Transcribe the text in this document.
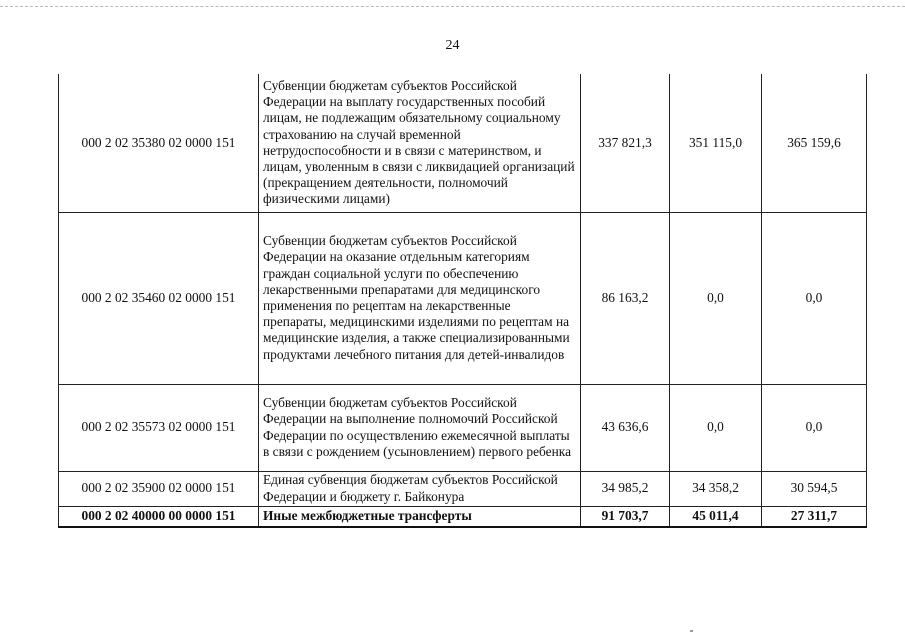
24
000 2 02 35380 02 0000 151	Субвенции бюджетам субъектов Российской Федерации на выплату государственных пособий лицам, не подлежащим обязательному социальному страхованию на случай временной нетрудоспособности и в связи с материнством, и лицам, уволенным в связи с ликвидацией организаций (прекращением деятельности, полномочий физическими лицами)	337 821,3	351 115,0	365 159,6
000 2 02 35460 02 0000 151	Субвенции бюджетам субъектов Российской Федерации на оказание отдельным категориям граждан социальной услуги по обеспечению лекарственными препаратами для медицинского применения по рецептам на лекарственные препараты, медицинскими изделиями по рецептам на медицинские изделия, а также специализированными продуктами лечебного питания для детей-инвалидов	86 163,2	0,0	0,0
000 2 02 35573 02 0000 151	Субвенции бюджетам субъектов Российской Федерации на выполнение полномочий Российской Федерации по осуществлению ежемесячной выплаты в связи с рождением (усыновлением) первого ребенка	43 636,6	0,0	0,0
000 2 02 35900 02 0000 151	Единая субвенция бюджетам субъектов Российской Федерации и бюджету г. Байконура	34 985,2	34 358,2	30 594,5
000 2 02 40000 00 0000 151	Иные межбюджетные трансферты	91 703,7	45 011,4	27 311,7
